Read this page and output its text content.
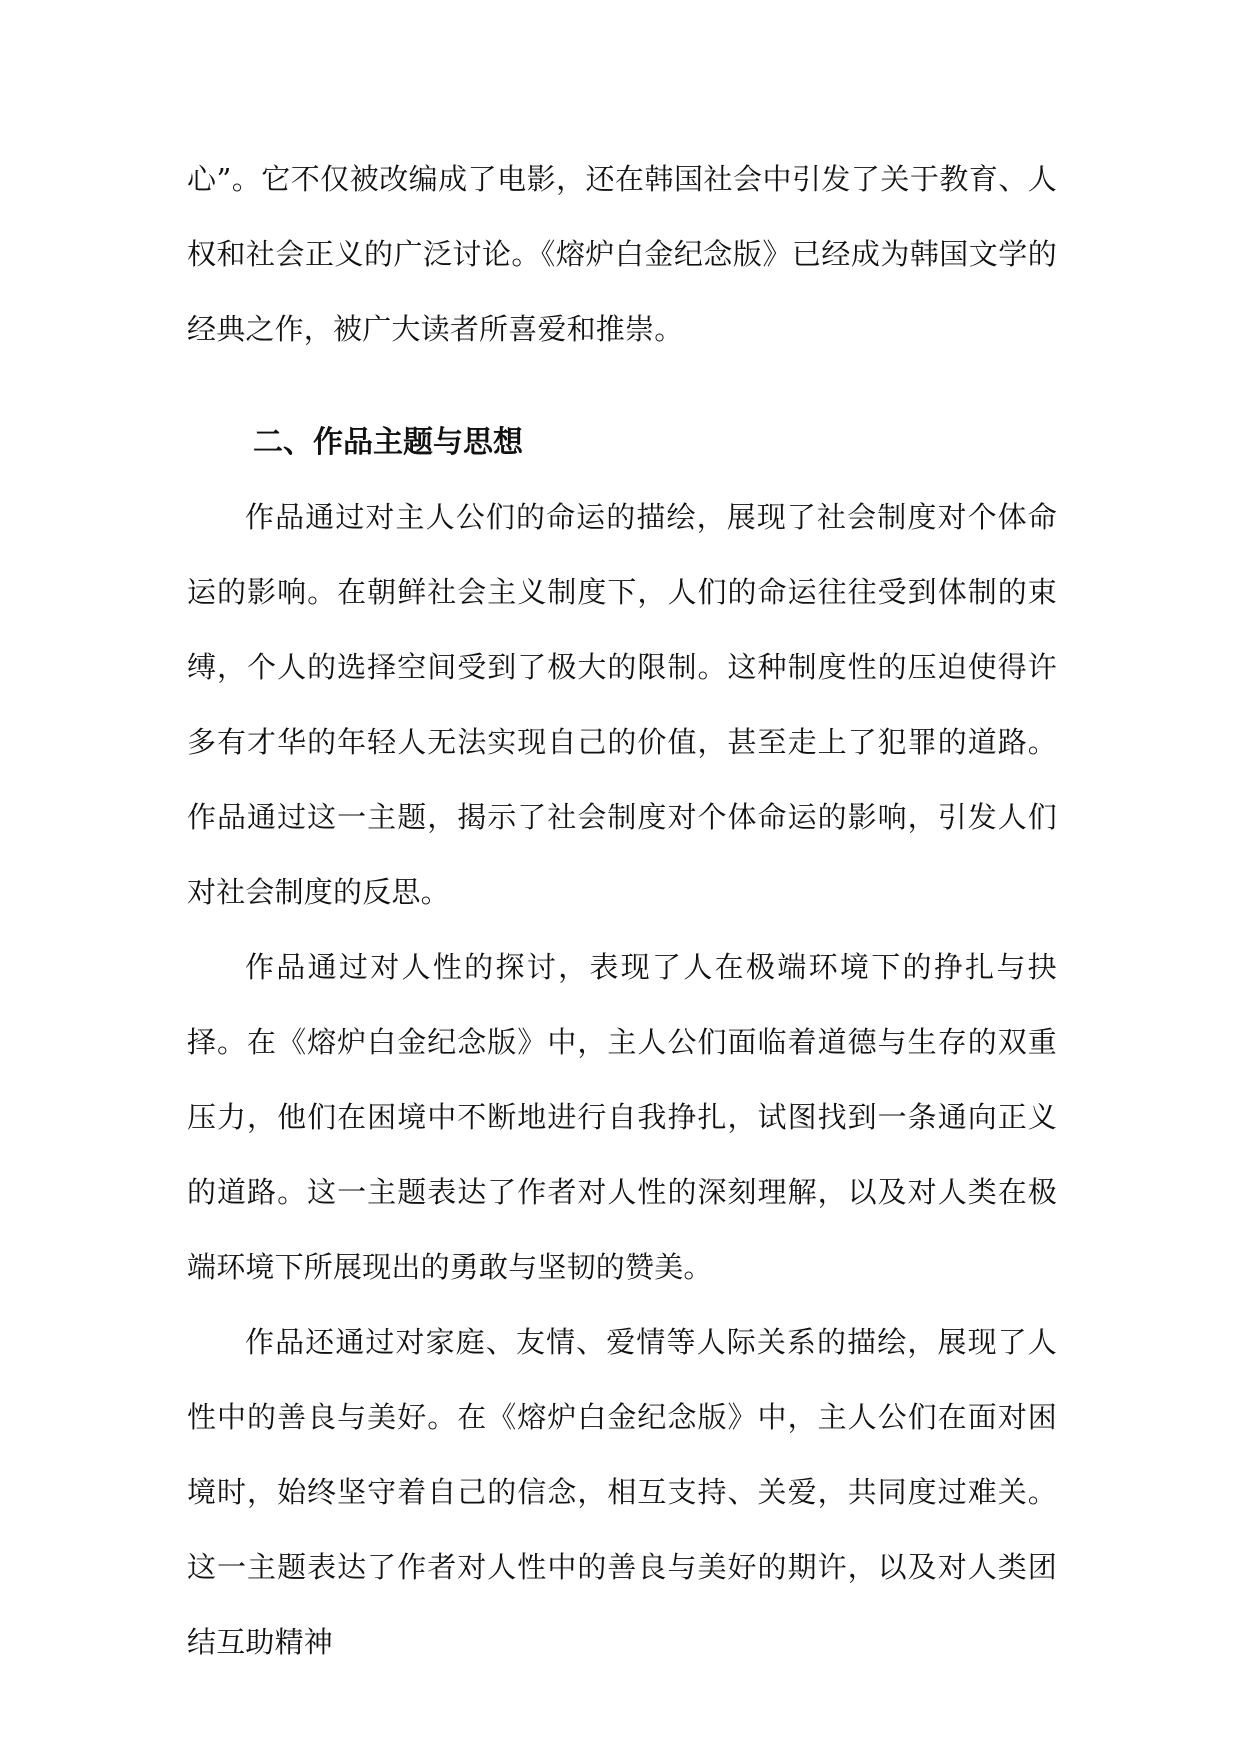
心”。它不仅被改编成了电影，还在韩国社会中引发了关于教育、人权和社会正义的广泛讨论。《熔炉白金纪念版》已经成为韩国文学的经典之作，被广大读者所喜爱和推崇。

二、作品主题与思想

作品通过对主人公们的命运的描绘，展现了社会制度对个体命运的影响。在朝鲜社会主义制度下，人们的命运往往受到体制的束缚，个人的选择空间受到了极大的限制。这种制度性的压迫使得许多有才华的年轻人无法实现自己的价值，甚至走上了犯罪的道路。作品通过这一主题，揭示了社会制度对个体命运的影响，引发人们对社会制度的反思。

作品通过对人性的探讨，表现了人在极端环境下的挣扎与抉择。在《熔炉白金纪念版》中，主人公们面临着道德与生存的双重压力，他们在困境中不断地进行自我挣扎，试图找到一条通向正义的道路。这一主题表达了作者对人性的深刻理解，以及对人类在极端环境下所展现出的勇敢与坚韧的赞美。

作品还通过对家庭、友情、爱情等人际关系的描绘，展现了人性中的善良与美好。在《熔炉白金纪念版》中，主人公们在面对困境时，始终坚守着自己的信念，相互支持、关爱，共同度过难关。这一主题表达了作者对人性中的善良与美好的期许，以及对人类团结互助精神
